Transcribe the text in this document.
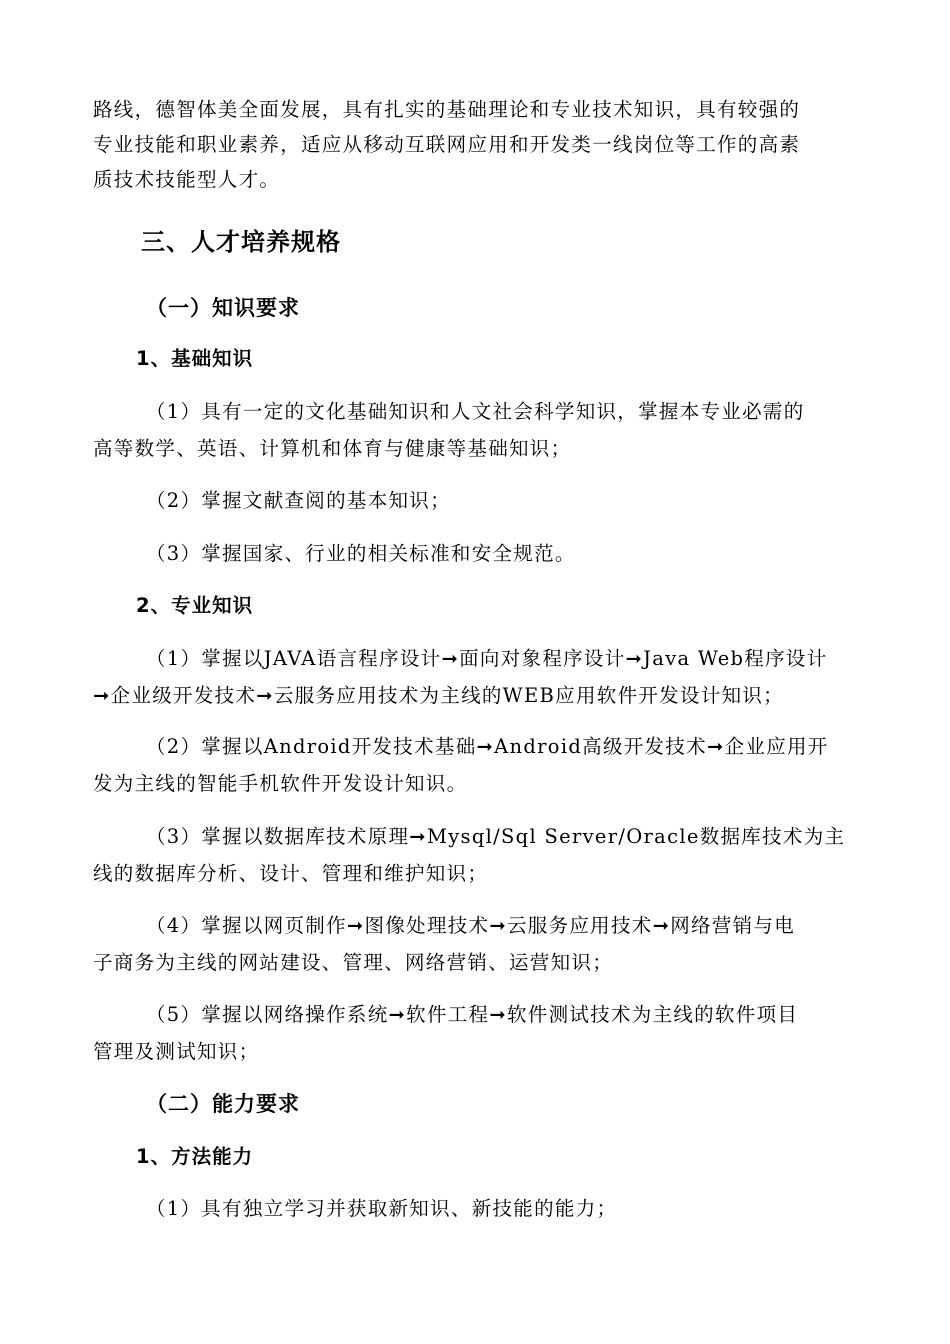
路线，德智体美全面发展，具有扎实的基础理论和专业技术知识，具有较强的
专业技能和职业素养，适应从移动互联网应用和开发类一线岗位等工作的高素
质技术技能型人才。
三、人才培养规格
（一）知识要求
1、基础知识
（1）具有一定的文化基础知识和人文社会科学知识，掌握本专业必需的
高等数学、英语、计算机和体育与健康等基础知识；
（2）掌握文献查阅的基本知识；
（3）掌握国家、行业的相关标准和安全规范。
2、专业知识
（1）掌握以JAVA语言程序设计➞面向对象程序设计➞Java Web程序设计
➞企业级开发技术➞云服务应用技术为主线的WEB应用软件开发设计知识；
（2）掌握以Android开发技术基础➞Android高级开发技术➞企业应用开
发为主线的智能手机软件开发设计知识。
（3）掌握以数据库技术原理➞Mysql/Sql Server/Oracle数据库技术为主
线的数据库分析、设计、管理和维护知识；
（4）掌握以网页制作➞图像处理技术➞云服务应用技术➞网络营销与电
子商务为主线的网站建设、管理、网络营销、运营知识；
（5）掌握以网络操作系统➞软件工程➞软件测试技术为主线的软件项目
管理及测试知识；
（二）能力要求
1、方法能力
（1）具有独立学习并获取新知识、新技能的能力；
